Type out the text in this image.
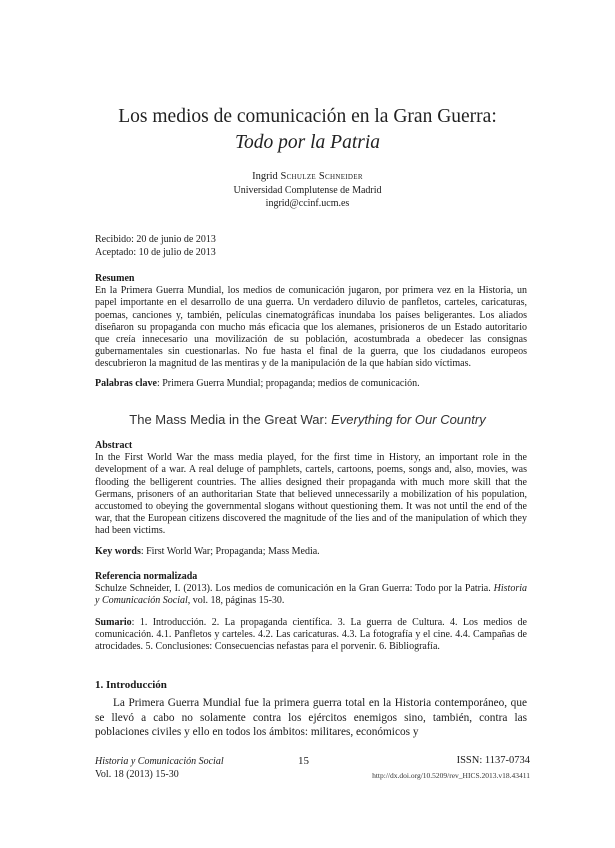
Los medios de comunicación en la Gran Guerra:
Todo por la Patria
Ingrid Schulze Schneider
Universidad Complutense de Madrid
ingrid@ccinf.ucm.es
Recibido: 20 de junio de 2013
Aceptado: 10 de julio de 2013
Resumen
En la Primera Guerra Mundial, los medios de comunicación jugaron, por primera vez en la Historia, un papel importante en el desarrollo de una guerra. Un verdadero diluvio de panfletos, carteles, caricaturas, poemas, canciones y, también, películas cinematográficas inundaba los países beligerantes. Los aliados diseñaron su propaganda con mucho más eficacia que los alemanes, prisioneros de un Estado autoritario que creía innecesario una movilización de su población, acostumbrada a obedecer las consignas gubernamentales sin cuestionarlas. No fue hasta el final de la guerra, que los ciudadanos europeos descubrieron la magnitud de las mentiras y de la manipulación de la que habían sido víctimas.
Palabras clave: Primera Guerra Mundial; propaganda; medios de comunicación.
The Mass Media in the Great War: Everything for Our Country
Abstract
In the First World War the mass media played, for the first time in History, an important role in the development of a war. A real deluge of pamphlets, cartels, cartoons, poems, songs and, also, movies, was flooding the belligerent countries. The allies designed their propaganda with much more skill that the Germans, prisoners of an authoritarian State that believed unnecessarily a mobilization of his population, accustomed to obeying the governmental slogans without questioning them. It was not until the end of the war, that the European citizens discovered the magnitude of the lies and of the manipulation of which they had been victims.
Key words: First World War; Propaganda; Mass Media.
Referencia normalizada
Schulze Schneider, I. (2013). Los medios de comunicación en la Gran Guerra: Todo por la Patria. Historia y Comunicación Social, vol. 18, páginas 15-30.
Sumario: 1. Introducción. 2. La propaganda científica. 3. La guerra de Cultura. 4. Los medios de comunicación. 4.1. Panfletos y carteles. 4.2. Las caricaturas. 4.3. La fotografía y el cine. 4.4. Campañas de atrocidades. 5. Conclusiones: Consecuencias nefastas para el porvenir. 6. Bibliografía.
1. Introducción
La Primera Guerra Mundial fue la primera guerra total en la Historia contemporáneo, que se llevó a cabo no solamente contra los ejércitos enemigos sino, también, contra las poblaciones civiles y ello en todos los ámbitos: militares, económicos y
Historia y Comunicación Social
Vol. 18 (2013) 15-30
15	ISSN: 1137-0734
http://dx.doi.org/10.5209/rev_HICS.2013.v18.43411
